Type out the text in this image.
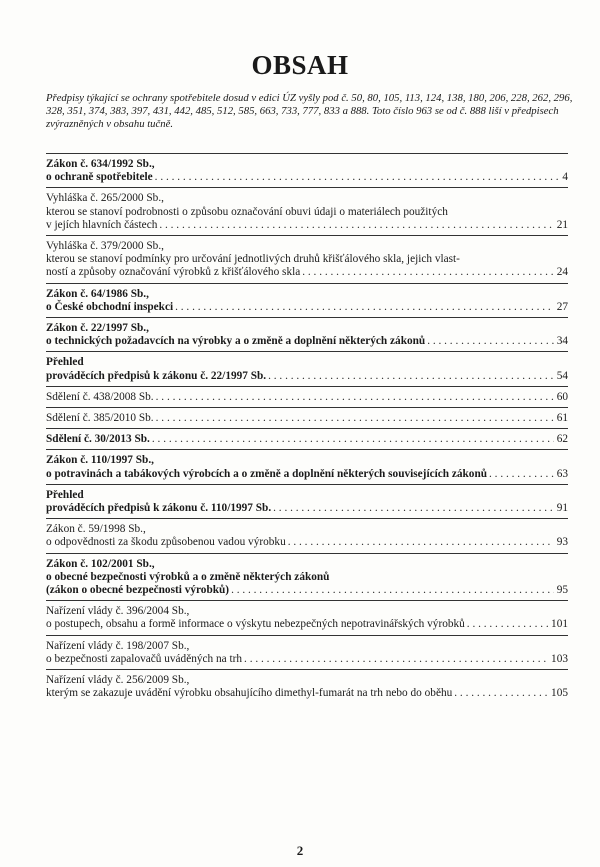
OBSAH

Předpisy týkající se ochrany spotřebitele dosud v edici ÚZ vyšly pod č. 50, 80, 105, 113, 124, 138, 180, 206, 228, 262, 296, 328, 351, 374, 383, 397, 431, 442, 485, 512, 585, 663, 733, 777, 833 a 888. Toto číslo 963 se od č. 888 liší v předpisech zvýrazněných v obsahu tučně.

Zákon č. 634/1992 Sb.,
o ochraně spotřebitele . . .	4
Vyhláška č. 265/2000 Sb.,
kterou se stanoví podrobnosti o způsobu označování obuvi údaji o materiálech použitých
v jejích hlavních částech . . .	21
Vyhláška č. 379/2000 Sb.,
kterou se stanoví podmínky pro určování jednotlivých druhů křišťálového skla, jejich vlast-
ností a způsoby označování výrobků z křišťálového skla . . .	24
Zákon č. 64/1986 Sb.,
o České obchodní inspekci . . .	27
Zákon č. 22/1997 Sb.,
o technických požadavcích na výrobky a o změně a doplnění některých zákonů . . .	34
Přehled
prováděcích předpisů k zákonu č. 22/1997 Sb. . . .	54
Sdělení č. 438/2008 Sb. . . .	60
Sdělení č. 385/2010 Sb. . . .	61
Sdělení č. 30/2013 Sb. . . .	62
Zákon č. 110/1997 Sb.,
o potravinách a tabákových výrobcích a o změně a doplnění některých souvisejících zákonů . . .	63
Přehled
prováděcích předpisů k zákonu č. 110/1997 Sb. . . .	91
Zákon č. 59/1998 Sb.,
o odpovědnosti za škodu způsobenou vadou výrobku . . .	93
Zákon č. 102/2001 Sb.,
o obecné bezpečnosti výrobků a o změně některých zákonů
(zákon o obecné bezpečnosti výrobků) . . .	95
Nařízení vlády č. 396/2004 Sb.,
o postupech, obsahu a formě informace o výskytu nebezpečných nepotravinářských výrobků . . .	101
Nařízení vlády č. 198/2007 Sb.,
o bezpečnosti zapalovačů uváděných na trh . . .	103
Nařízení vlády č. 256/2009 Sb.,
kterým se zakazuje uvádění výrobku obsahujícího dimethyl-fumarát na trh nebo do oběhu . . .	105
2
